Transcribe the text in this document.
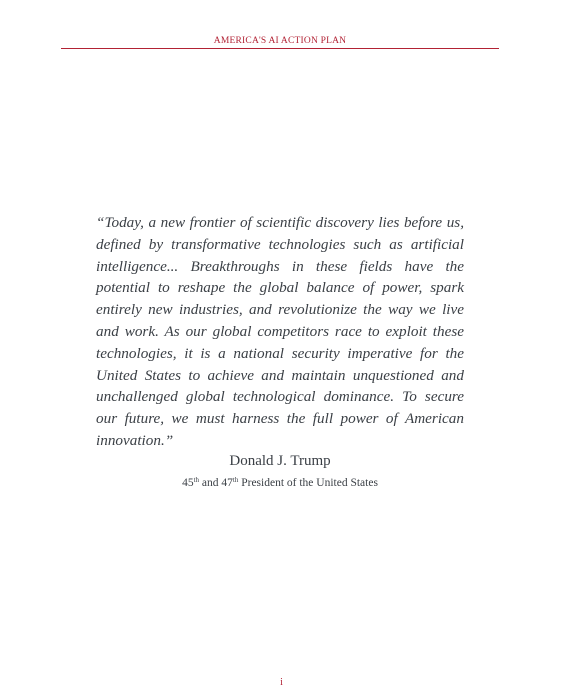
AMERICA'S AI ACTION PLAN

“Today, a new frontier of scientific discovery lies before us, defined by transformative technologies such as artificial intelligence... Breakthroughs in these fields have the potential to reshape the global balance of power, spark entirely new industries, and revolutionize the way we live and work. As our global competitors race to exploit these technologies, it is a national security imperative for the United States to achieve and maintain unquestioned and unchallenged global technological dominance. To secure our future, we must harness the full power of American innovation.”

Donald J. Trump
45th and 47th President of the United States
i
